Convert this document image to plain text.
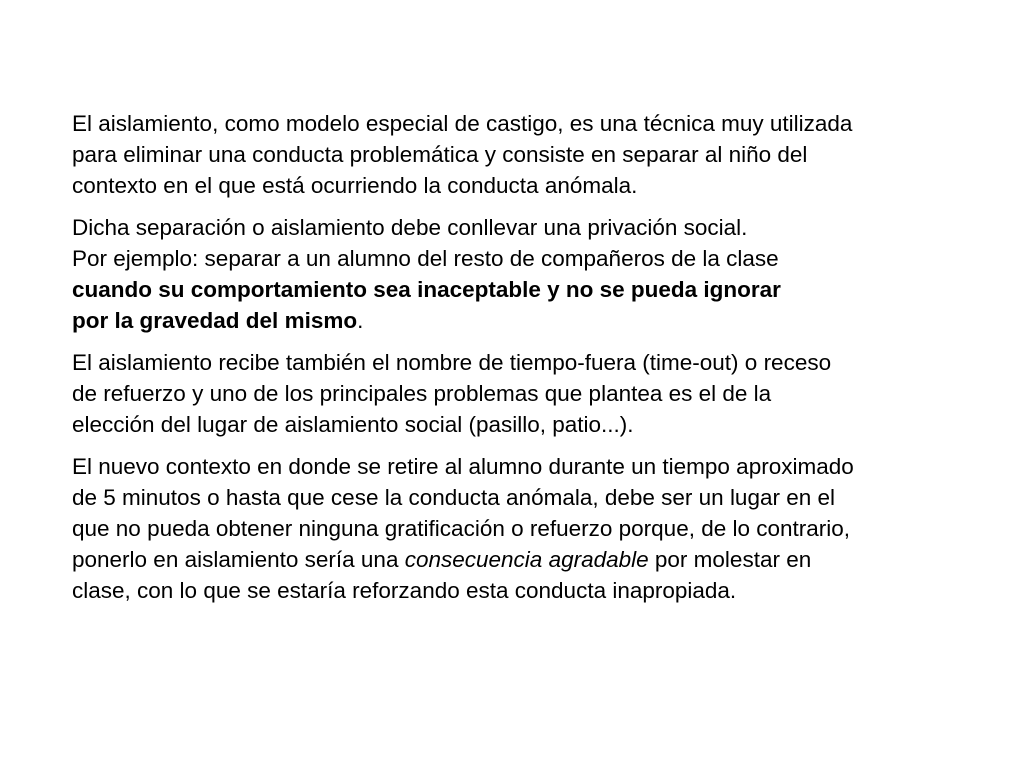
El aislamiento, como modelo especial de castigo, es una técnica muy utilizada
para eliminar una conducta problemática y consiste en separar al niño del
contexto en el que está ocurriendo la conducta anómala.

Dicha separación o aislamiento debe conllevar una privación social.
Por ejemplo: separar a un alumno del resto de compañeros de la clase
cuando su comportamiento sea inaceptable y no se pueda ignorar
por la gravedad del mismo.

El aislamiento recibe también el nombre de tiempo-fuera (time-out) o receso
de refuerzo y uno de los principales problemas que plantea es el de la
elección del lugar de aislamiento social (pasillo, patio...).

El nuevo contexto en donde se retire al alumno durante un tiempo aproximado
de 5 minutos o hasta que cese la conducta anómala, debe ser un lugar en el
que no pueda obtener ninguna gratificación o refuerzo porque, de lo contrario,
ponerlo en aislamiento sería una consecuencia agradable por molestar en
clase, con lo que se estaría reforzando esta conducta inapropiada.
